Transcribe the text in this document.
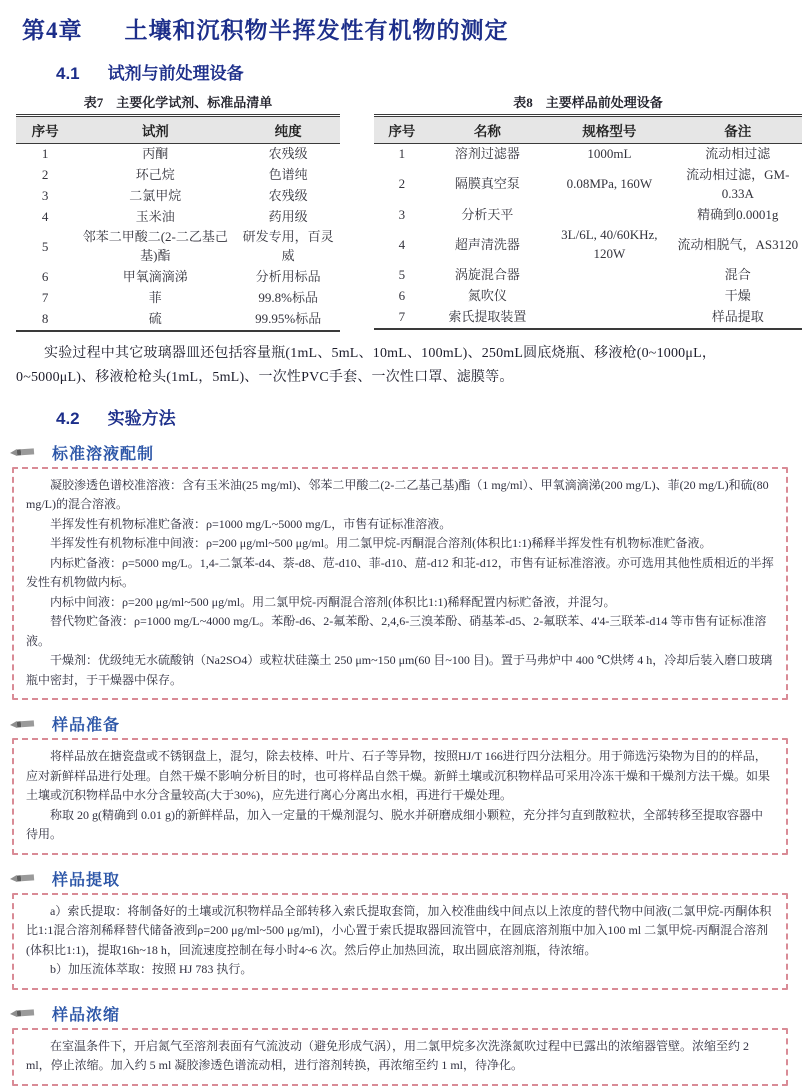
第4章 土壤和沉积物半挥发性有机物的测定
4.1 试剂与前处理设备
表7　主要化学试剂、标准品清单
序号	试剂	纯度
1	丙酮	农残级
2	环己烷	色谱纯
3	二氯甲烷	农残级
4	玉米油	药用级
5	邻苯二甲酸二(2-二乙基己基)酯	研发专用，百灵威
6	甲氧滴滴涕	分析用标品
7	菲	99.8%标品
8	硫	99.95%标品
表8　主要样品前处理设备
序号	名称	规格型号	备注
1	溶剂过滤器	1000mL	流动相过滤
2	隔膜真空泵	0.08MPa, 160W	流动相过滤，GM-0.33A
3	分析天平		精确到0.0001g
4	超声清洗器	3L/6L, 40/60KHz, 120W	流动相脱气，AS3120
5	涡旋混合器		混合
6	氮吹仪		干燥
7	索氏提取装置		样品提取
实验过程中其它玻璃器皿还包括容量瓶(1mL、5mL、10mL、100mL)、250mL圆底烧瓶、移液枪(0~1000μL，0~5000μL)、移液枪枪头(1mL，5mL)、一次性PVC手套、一次性口罩、滤膜等。
4.2 实验方法
标准溶液配制

凝胶渗透色谱校准溶液：含有玉米油(25 mg/ml)、邻苯二甲酸二(2-二乙基己基)酯（1 mg/ml）、甲氧滴滴涕(200 mg/L)、菲(20 mg/L)和硫(80 mg/L)的混合溶液。

半挥发性有机物标准贮备液：ρ=1000 mg/L~5000 mg/L，市售有证标准溶液。

半挥发性有机物标准中间液：ρ=200 μg/ml~500 μg/ml。用二氯甲烷-丙酮混合溶剂(体积比1:1)稀释半挥发性有机物标准贮备液。

内标贮备液：ρ=5000 mg/L。1,4-二氯苯-d4、萘-d8、苊-d10、菲-d10、䓛-d12 和苝-d12，市售有证标准溶液。亦可选用其他性质相近的半挥发性有机物做内标。

内标中间液：ρ=200 μg/ml~500 μg/ml。用二氯甲烷-丙酮混合溶剂(体积比1:1)稀释配置内标贮备液，并混匀。

替代物贮备液：ρ=1000 mg/L~4000 mg/L。苯酚-d6、2-氟苯酚、2,4,6-三溴苯酚、硝基苯-d5、2-氟联苯、4'4-三联苯-d14 等市售有证标准溶液。

干燥剂：优级纯无水硫酸钠（Na2SO4）或粒状硅藻土 250 μm~150 μm(60 目~100 目)。置于马弗炉中 400 ℃烘烤 4 h，冷却后装入磨口玻璃瓶中密封，于干燥器中保存。

样品准备

将样品放在搪瓷盘或不锈钢盘上，混匀，除去枝棒、叶片、石子等异物，按照HJ/T 166进行四分法粗分。用于筛选污染物为目的的样品，应对新鲜样品进行处理。自然干燥不影响分析目的时，也可将样品自然干燥。新鲜土壤或沉积物样品可采用冷冻干燥和干燥剂方法干燥。如果土壤或沉积物样品中水分含量较高(大于30%)，应先进行离心分离出水相，再进行干燥处理。

称取 20 g(精确到 0.01 g)的新鲜样品，加入一定量的干燥剂混匀、脱水并研磨成细小颗粒，充分拌匀直到散粒状，全部转移至提取容器中待用。

样品提取

a）索氏提取：将制备好的土壤或沉积物样品全部转移入索氏提取套筒，加入校准曲线中间点以上浓度的替代物中间液(二氯甲烷-丙酮体积比1:1混合溶剂稀释替代储备液到ρ=200 μg/ml~500 μg/ml)，小心置于索氏提取器回流管中，在圆底溶剂瓶中加入100 ml 二氯甲烷-丙酮混合溶剂(体积比1:1)，提取16h~18 h，回流速度控制在每小时4~6 次。然后停止加热回流，取出圆底溶剂瓶，待浓缩。

b）加压流体萃取：按照 HJ 783 执行。

样品浓缩

在室温条件下，开启氮气至溶剂表面有气流波动（避免形成气涡），用二氯甲烷多次洗涤氮吹过程中已露出的浓缩器管壁。浓缩至约 2 ml，停止浓缩。加入约 5 ml 凝胶渗透色谱流动相，进行溶剂转换，再浓缩至约 1 ml，待净化。
